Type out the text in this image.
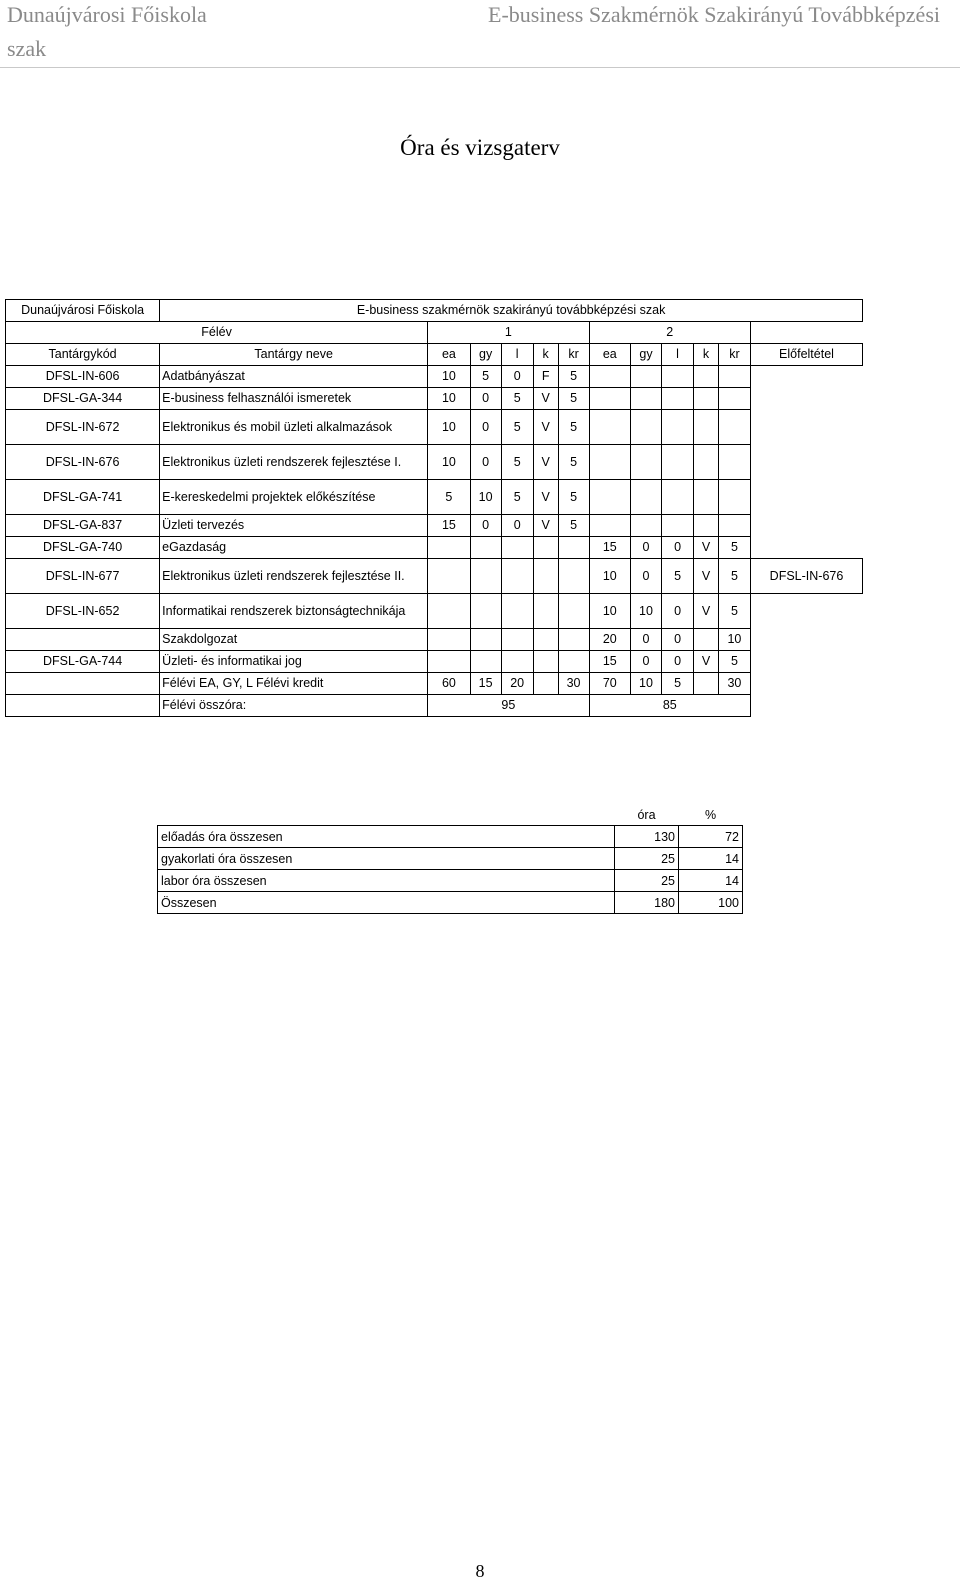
Dunaújvárosi Főiskola	E-business Szakmérnök Szakirányú Továbbképzési
szak
Óra és vizsgaterv
Dunaújvárosi Főiskola	E-business szakmérnök szakirányú továbbképzési szak											
Félév		1					2					
Tantárgykód	Tantárgy neve	ea	gy	l	k	kr	ea	gy	l	k	kr	Előfeltétel
DFSL-IN-606	Adatbányászat	10	5	0	F	5						
DFSL-GA-344	E-business felhasználói ismeretek	10	0	5	V	5						
DFSL-IN-672	Elektronikus és mobil üzleti alkalmazások	10	0	5	V	5						
DFSL-IN-676	Elektronikus üzleti rendszerek fejlesztése I.	10	0	5	V	5						
DFSL-GA-741	E-kereskedelmi projektek előkészítése	5	10	5	V	5						
DFSL-GA-837	Üzleti tervezés	15	0	0	V	5						
DFSL-GA-740	eGazdaság						15	0	0	V	5	
DFSL-IN-677	Elektronikus üzleti rendszerek fejlesztése II.						10	0	5	V	5	DFSL-IN-676
DFSL-IN-652	Informatikai rendszerek biztonságtechnikája						10	10	0	V	5	
	Szakdolgozat						20	0	0		10	
DFSL-GA-744	Üzleti- és informatikai jog						15	0	0	V	5	
	Félévi EA, GY, L Félévi kredit	60	15	20		30	70	10	5		30	
	Félévi összóra:	95					85					
	óra	%
előadás óra összesen	130	72
gyakorlati óra összesen	25	14
labor óra összesen	25	14
Összesen	180	100
8
